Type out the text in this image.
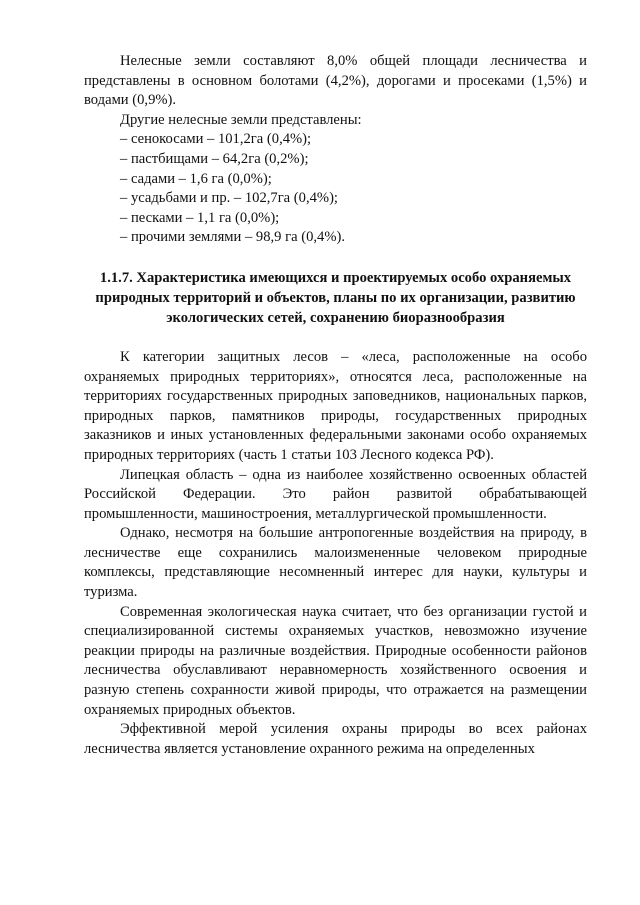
Нелесные земли составляют 8,0% общей площади лесничества и представлены в основном болотами (4,2%), дорогами и просеками (1,5%) и водами (0,9%).

Другие нелесные земли представлены:

– сенокосами – 101,2га (0,4%);

– пастбищами – 64,2га (0,2%);

– садами – 1,6 га (0,0%);

– усадьбами и пр. – 102,7га (0,4%);

– песками – 1,1 га (0,0%);

– прочими землями – 98,9 га (0,4%).

1.1.7. Характеристика имеющихся и проектируемых особо охраняемых природных территорий и объектов, планы по их организации, развитию экологических сетей, сохранению биоразнообразия

К категории защитных лесов – «леса, расположенные на особо охраняемых природных территориях», относятся леса, расположенные на территориях государственных природных заповедников, национальных парков, природных парков, памятников природы, государственных природных заказников и иных установленных федеральными законами особо охраняемых природных территориях (часть 1 статьи 103 Лесного кодекса РФ).

Липецкая область – одна из наиболее хозяйственно освоенных областей Российской Федерации. Это район развитой обрабатывающей промышленности, машиностроения, металлургической промышленности.

Однако, несмотря на большие антропогенные воздействия на природу, в лесничестве еще сохранились малоизмененные человеком природные комплексы, представляющие несомненный интерес для науки, культуры и туризма.

Современная экологическая наука считает, что без организации густой и специализированной системы охраняемых участков, невозможно изучение реакции природы на различные воздействия. Природные особенности районов лесничества обуславливают неравномерность хозяйственного освоения и разную степень сохранности живой природы, что отражается на размещении охраняемых природных объектов.

Эффективной мерой усиления охраны природы во всех районах лесничества является установление охранного режима на определенных
